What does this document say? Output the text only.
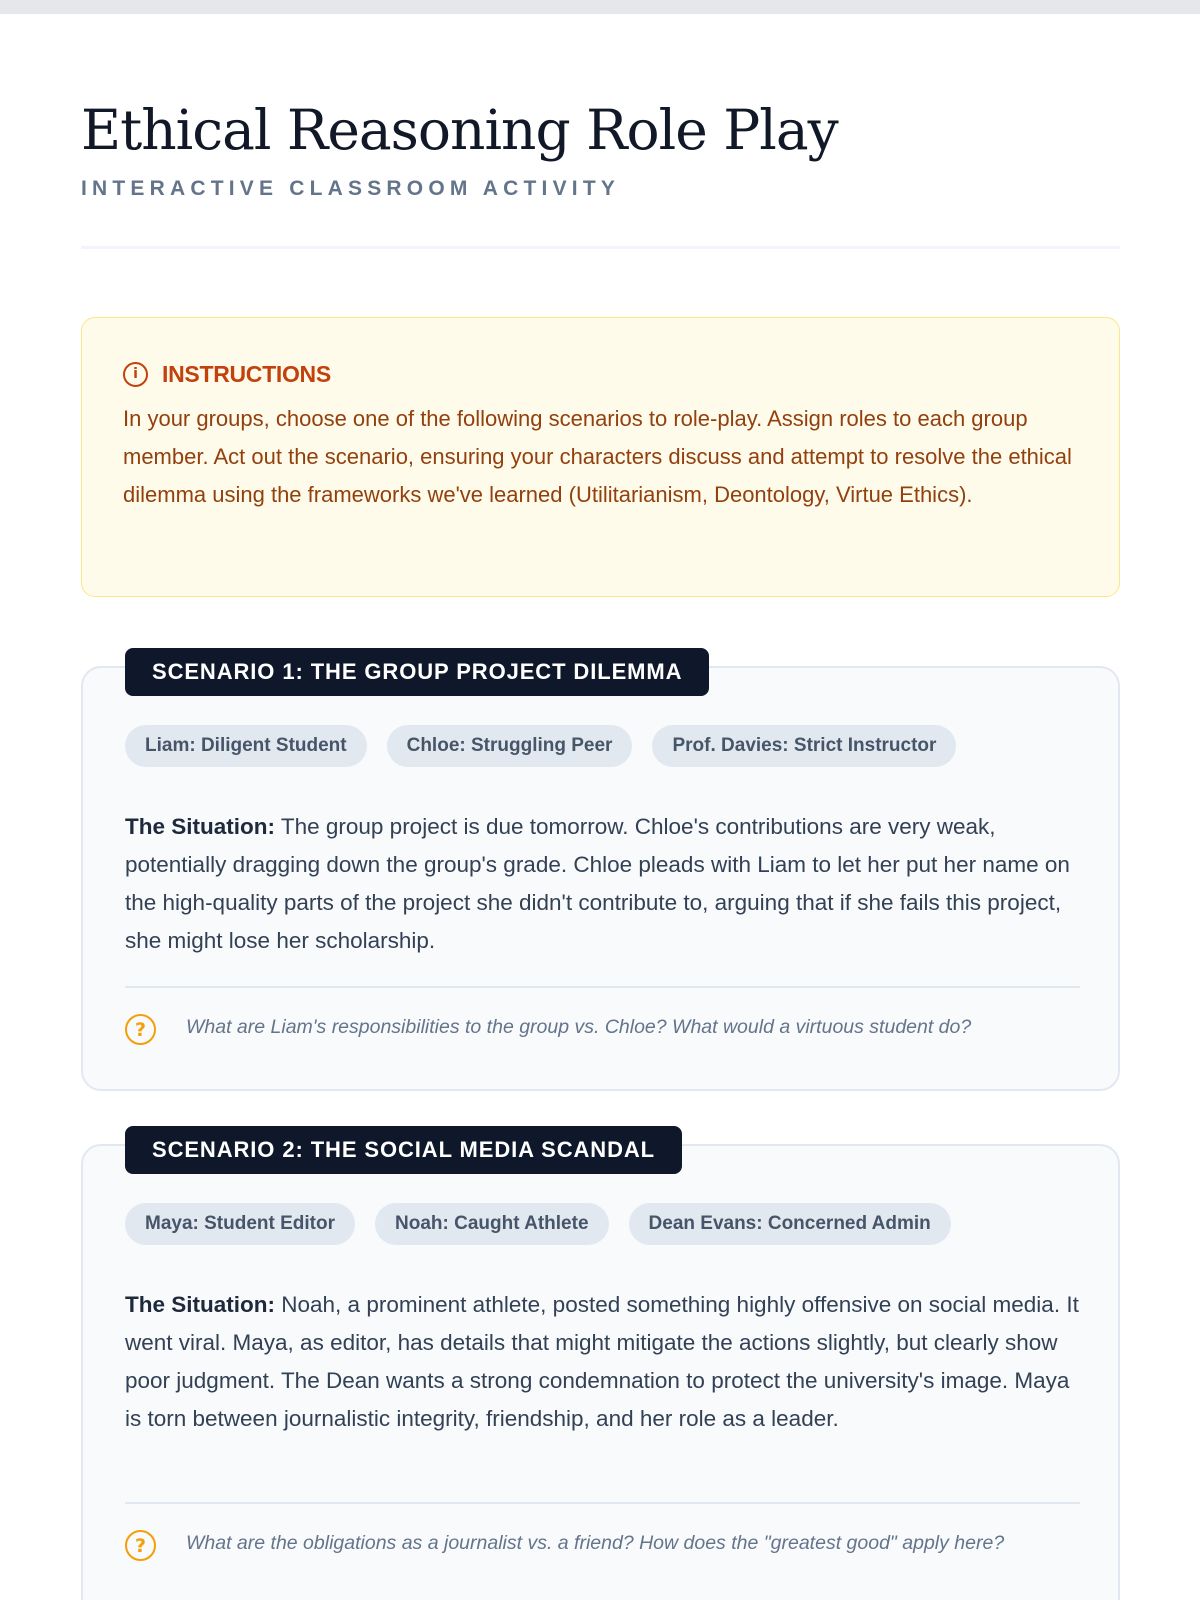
Ethical Reasoning Role Play
INTERACTIVE CLASSROOM ACTIVITY
i	INSTRUCTIONS

In your groups, choose one of the following scenarios to role-play. Assign roles to each group member. Act out the scenario, ensuring your characters discuss and attempt to resolve the ethical dilemma using the frameworks we've learned (Utilitarianism, Deontology, Virtue Ethics).

SCENARIO 1: THE GROUP PROJECT DILEMMA
Liam: Diligent Student	Chloe: Struggling Peer	Prof. Davies: Strict Instructor

The Situation: The group project is due tomorrow. Chloe's contributions are very weak, potentially dragging down the group's grade. Chloe pleads with Liam to let her put her name on the high-quality parts of the project she didn't contribute to, arguing that if she fails this project, she might lose her scholarship.

?	What are Liam's responsibilities to the group vs. Chloe? What would a virtuous student do?
SCENARIO 2: THE SOCIAL MEDIA SCANDAL
Maya: Student Editor	Noah: Caught Athlete	Dean Evans: Concerned Admin

The Situation: Noah, a prominent athlete, posted something highly offensive on social media. It went viral. Maya, as editor, has details that might mitigate the actions slightly, but clearly show poor judgment. The Dean wants a strong condemnation to protect the university's image. Maya is torn between journalistic integrity, friendship, and her role as a leader.

?	What are the obligations as a journalist vs. a friend? How does the "greatest good" apply here?
